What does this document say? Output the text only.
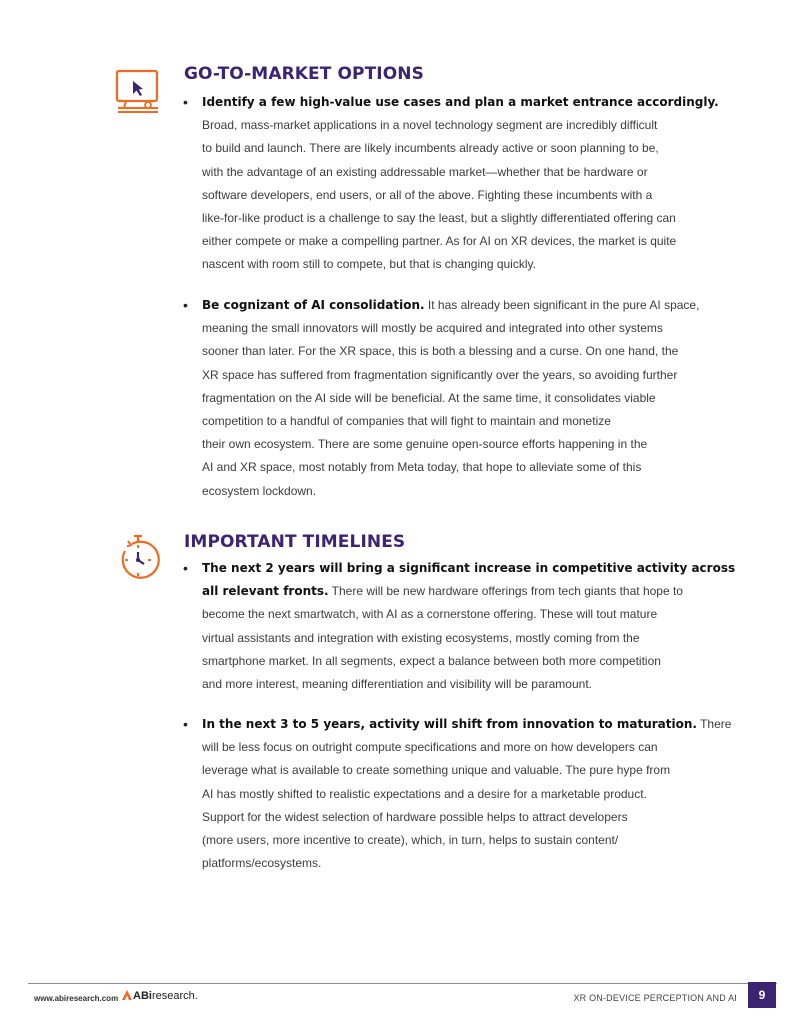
GO-TO-MARKET OPTIONS
• Identify a few high-value use cases and plan a market entrance accordingly.
Broad, mass-market applications in a novel technology segment are incredibly difficult
to build and launch. There are likely incumbents already active or soon planning to be,
with the advantage of an existing addressable market—whether that be hardware or
software developers, end users, or all of the above. Fighting these incumbents with a
like-for-like product is a challenge to say the least, but a slightly differentiated offering can
either compete or make a compelling partner. As for AI on XR devices, the market is quite
nascent with room still to compete, but that is changing quickly.
• Be cognizant of AI consolidation. It has already been significant in the pure AI space,
meaning the small innovators will mostly be acquired and integrated into other systems
sooner than later. For the XR space, this is both a blessing and a curse. On one hand, the
XR space has suffered from fragmentation significantly over the years, so avoiding further
fragmentation on the AI side will be beneficial. At the same time, it consolidates viable
competition to a handful of companies that will fight to maintain and monetize
their own ecosystem. There are some genuine open-source efforts happening in the
AI and XR space, most notably from Meta today, that hope to alleviate some of this
ecosystem lockdown.
IMPORTANT TIMELINES
• The next 2 years will bring a significant increase in competitive activity across
all relevant fronts. There will be new hardware offerings from tech giants that hope to
become the next smartwatch, with AI as a cornerstone offering. These will tout mature
virtual assistants and integration with existing ecosystems, mostly coming from the
smartphone market. In all segments, expect a balance between both more competition
and more interest, meaning differentiation and visibility will be paramount.
• In the next 3 to 5 years, activity will shift from innovation to maturation. There
will be less focus on outright compute specifications and more on how developers can
leverage what is available to create something unique and valuable. The pure hype from
AI has mostly shifted to realistic expectations and a desire for a marketable product.
Support for the widest selection of hardware possible helps to attract developers
(more users, more incentive to create), which, in turn, helps to sustain content/
platforms/ecosystems.
www.abiresearch.com	ABiresearch.	XR ON-DEVICE PERCEPTION AND AI	9
